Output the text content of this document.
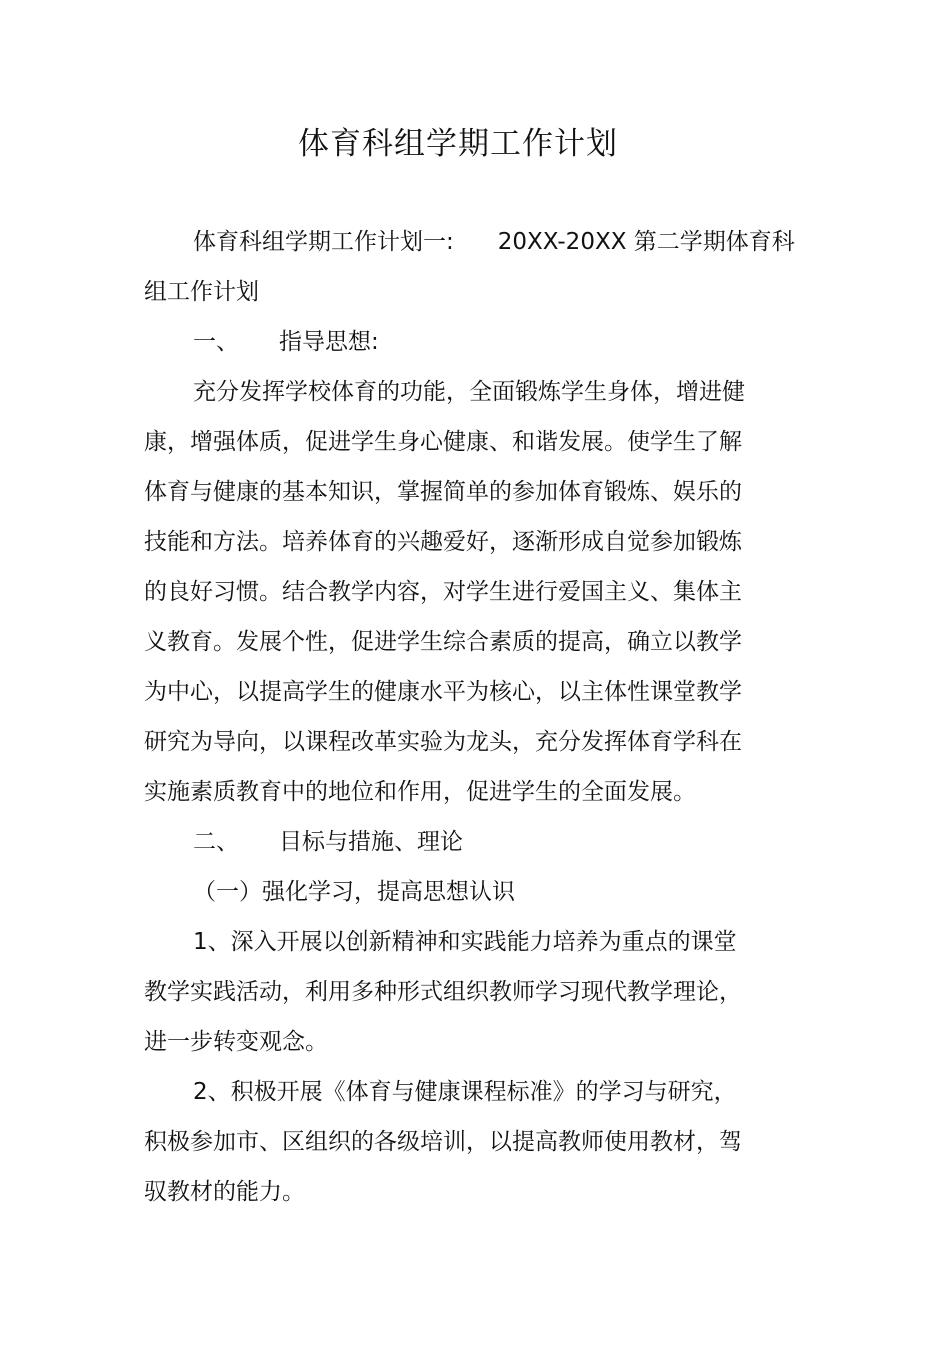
体育科组学期工作计划
体育科组学期工作计划一: 20XX-20XX 第二学期体育科
组工作计划
一、 指导思想:
充分发挥学校体育的功能，全面锻炼学生身体，增进健
康，增强体质，促进学生身心健康、和谐发展。使学生了解
体育与健康的基本知识，掌握简单的参加体育锻炼、娱乐的
技能和方法。培养体育的兴趣爱好，逐渐形成自觉参加锻炼
的良好习惯。结合教学内容，对学生进行爱国主义、集体主
义教育。发展个性，促进学生综合素质的提高，确立以教学
为中心，以提高学生的健康水平为核心，以主体性课堂教学
研究为导向，以课程改革实验为龙头，充分发挥体育学科在
实施素质教育中的地位和作用，促进学生的全面发展。
二、 目标与措施、理论
（一）强化学习，提高思想认识
1、深入开展以创新精神和实践能力培养为重点的课堂
教学实践活动，利用多种形式组织教师学习现代教学理论，
进一步转变观念。
2、积极开展《体育与健康课程标准》的学习与研究，
积极参加市、区组织的各级培训，以提高教师使用教材，驾
驭教材的能力。
